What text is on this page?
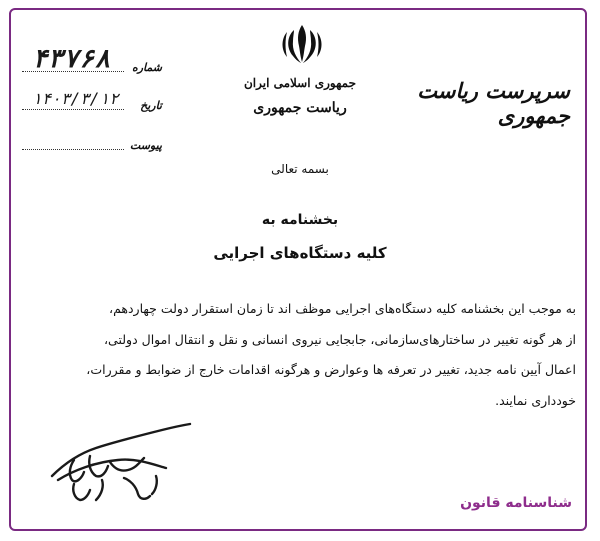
جمهوری اسلامی ایران
ریاست جمهوری
سرپرست ریاست جمهوری
۴۳۷۶۸ شماره
۱۴۰۳/۳/۱۲ تاریخ
پیوست
بسمه تعالی
بخشنامه به
کلیه دستگاه‌های اجرایی

به موجب این بخشنامه کلیه دستگاه‌های اجرایی موظف اند تا زمان استقرار دولت چهاردهم،

از هر گونه تغییر در ساختارهای‌سازمانی، جابجایی نیروی انسانی و نقل و انتقال اموال دولتی،

اعمال آیین نامه جدید، تغییر در تعرفه ها وعوارض و هرگونه اقدامات خارج از ضوابط و مقررات،

خودداری نمایند.

شناسنامه قانون
